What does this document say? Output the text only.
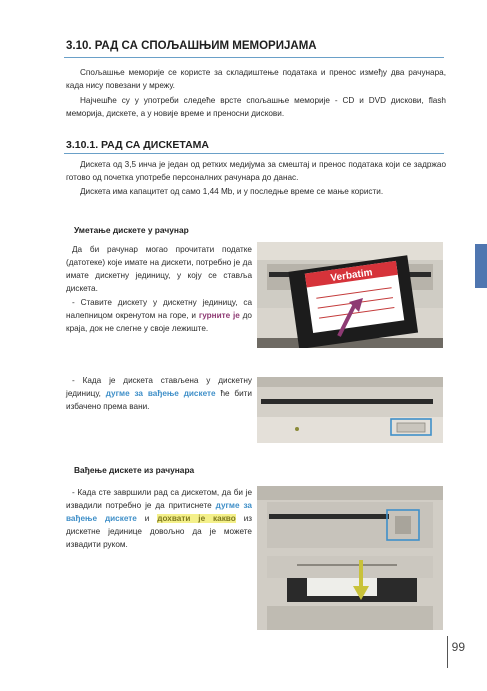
3.10. РАД СА СПОЉАШЊИМ МЕМОРИЈАМА
Спољашње меморије се користе за складиштење података и пренос између два рачунара, када нису повезани у мрежу.
Најчешће су у употреби следеће врсте спољашње меморије - CD и DVD дискови, flash меморија, дискете, а у новије време и преносни дискови.
3.10.1. РАД СА ДИСКЕТАМА
Дискета од 3,5 инча је један од ретких медијума за смештај и пренос података који се задржао готово од почетка употребе персоналних рачунара до данас.
Дискета има капацитет од само 1,44 Mb, и у последње време се мање користи.
Уметање дискете у рачунар
Да би рачунар могао прочитати податке (датотеке) које имате на дискети, потребно је да имате дискетну јединицу, у коју се ставља дискета.
- Ставите дискету у дискетну јединицу, са налепницом окренутом на горе, и гурните је до краја, док не слегне у своје лежиште.
Verbatim
- Када је дискета стављена у дискетну јединицу, дугме за вађење дискете ће бити избачено према вани.
Вађење дискете из рачунара
- Када сте завршили рад са дискетом, да би је извадили потребно је да притиснете дугме за вађење дискете и дохвати је какво из дискетне јединице довољно да је можете извадити руком.
99
